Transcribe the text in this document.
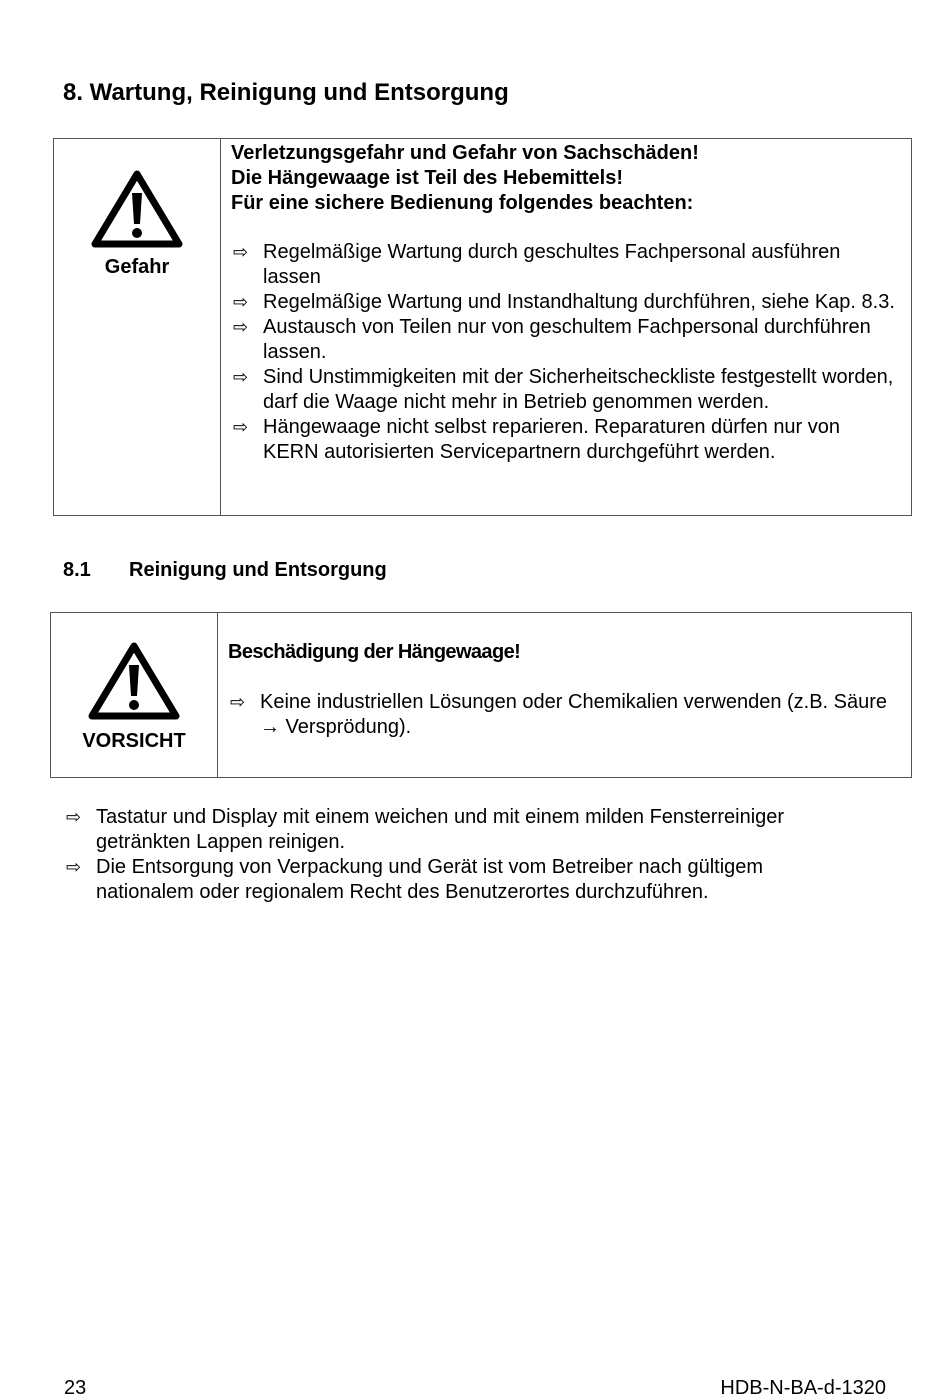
8. Wartung, Reinigung und Entsorgung
Gefahr
Verletzungsgefahr und Gefahr von Sachschäden!
Die Hängewaage ist Teil des Hebemittels!
Für eine sichere Bedienung folgendes beachten:
⇨ Regelmäßige Wartung durch geschultes Fachpersonal ausführen lassen
⇨ Regelmäßige Wartung und Instandhaltung durchführen, siehe Kap. 8.3.
⇨ Austausch von Teilen nur von geschultem Fachpersonal durchführen lassen.
⇨ Sind Unstimmigkeiten mit der Sicherheitscheckliste festgestellt worden, darf die Waage nicht mehr in Betrieb genommen werden.
⇨ Hängewaage nicht selbst reparieren. Reparaturen dürfen nur von KERN autorisierten Servicepartnern durchgeführt werden.
8.1 Reinigung und Entsorgung
VORSICHT
Beschädigung der Hängewaage!
⇨ Keine industriellen Lösungen oder Chemikalien verwenden (z.B. Säure → Versprödung).
⇨ Tastatur und Display mit einem weichen und mit einem milden Fensterreiniger getränkten Lappen reinigen.
⇨ Die Entsorgung von Verpackung und Gerät ist vom Betreiber nach gültigem nationalem oder regionalem Recht des Benutzerortes durchzuführen.
23	HDB-N-BA-d-1320
